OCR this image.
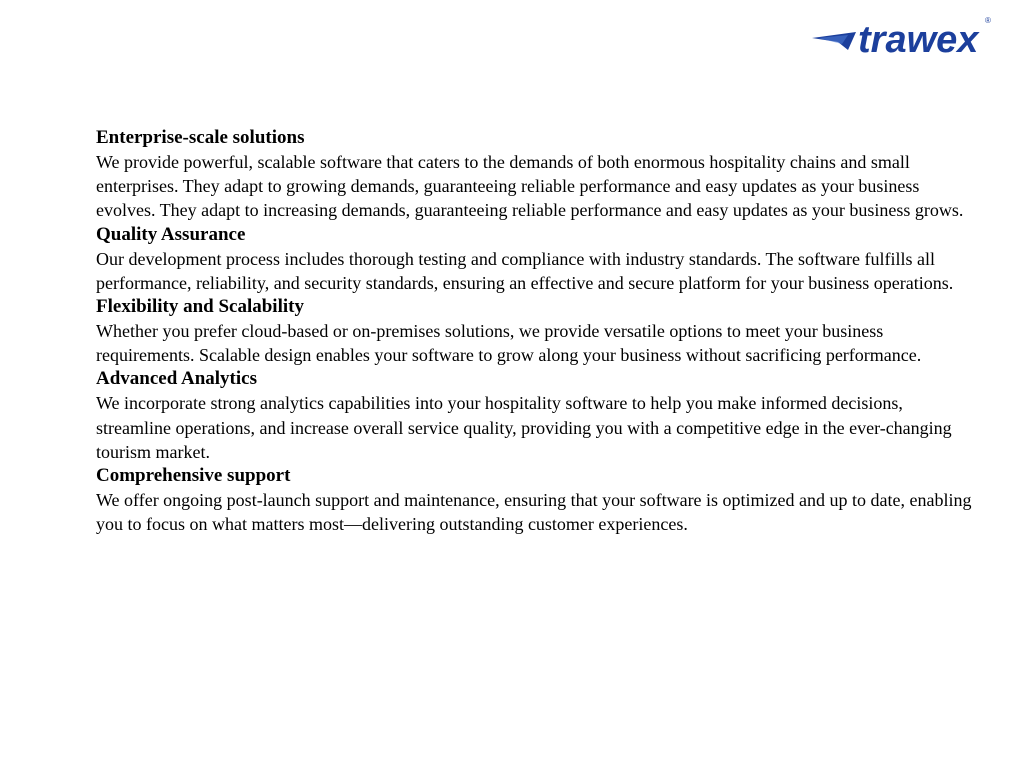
trawex ®

Enterprise-scale solutions

We provide powerful, scalable software that caters to the demands of both enormous hospitality chains and small enterprises. They adapt to growing demands, guaranteeing reliable performance and easy updates as your business evolves. They adapt to increasing demands, guaranteeing reliable performance and easy updates as your business grows.

Quality Assurance

Our development process includes thorough testing and compliance with industry standards. The software fulfills all performance, reliability, and security standards, ensuring an effective and secure platform for your business operations.

Flexibility and Scalability

Whether you prefer cloud-based or on-premises solutions, we provide versatile options to meet your business requirements. Scalable design enables your software to grow along your business without sacrificing performance.

Advanced Analytics

We incorporate strong analytics capabilities into your hospitality software to help you make informed decisions, streamline operations, and increase overall service quality, providing you with a competitive edge in the ever-changing tourism market.

Comprehensive support

We offer ongoing post-launch support and maintenance, ensuring that your software is optimized and up to date, enabling you to focus on what matters most—delivering outstanding customer experiences.
